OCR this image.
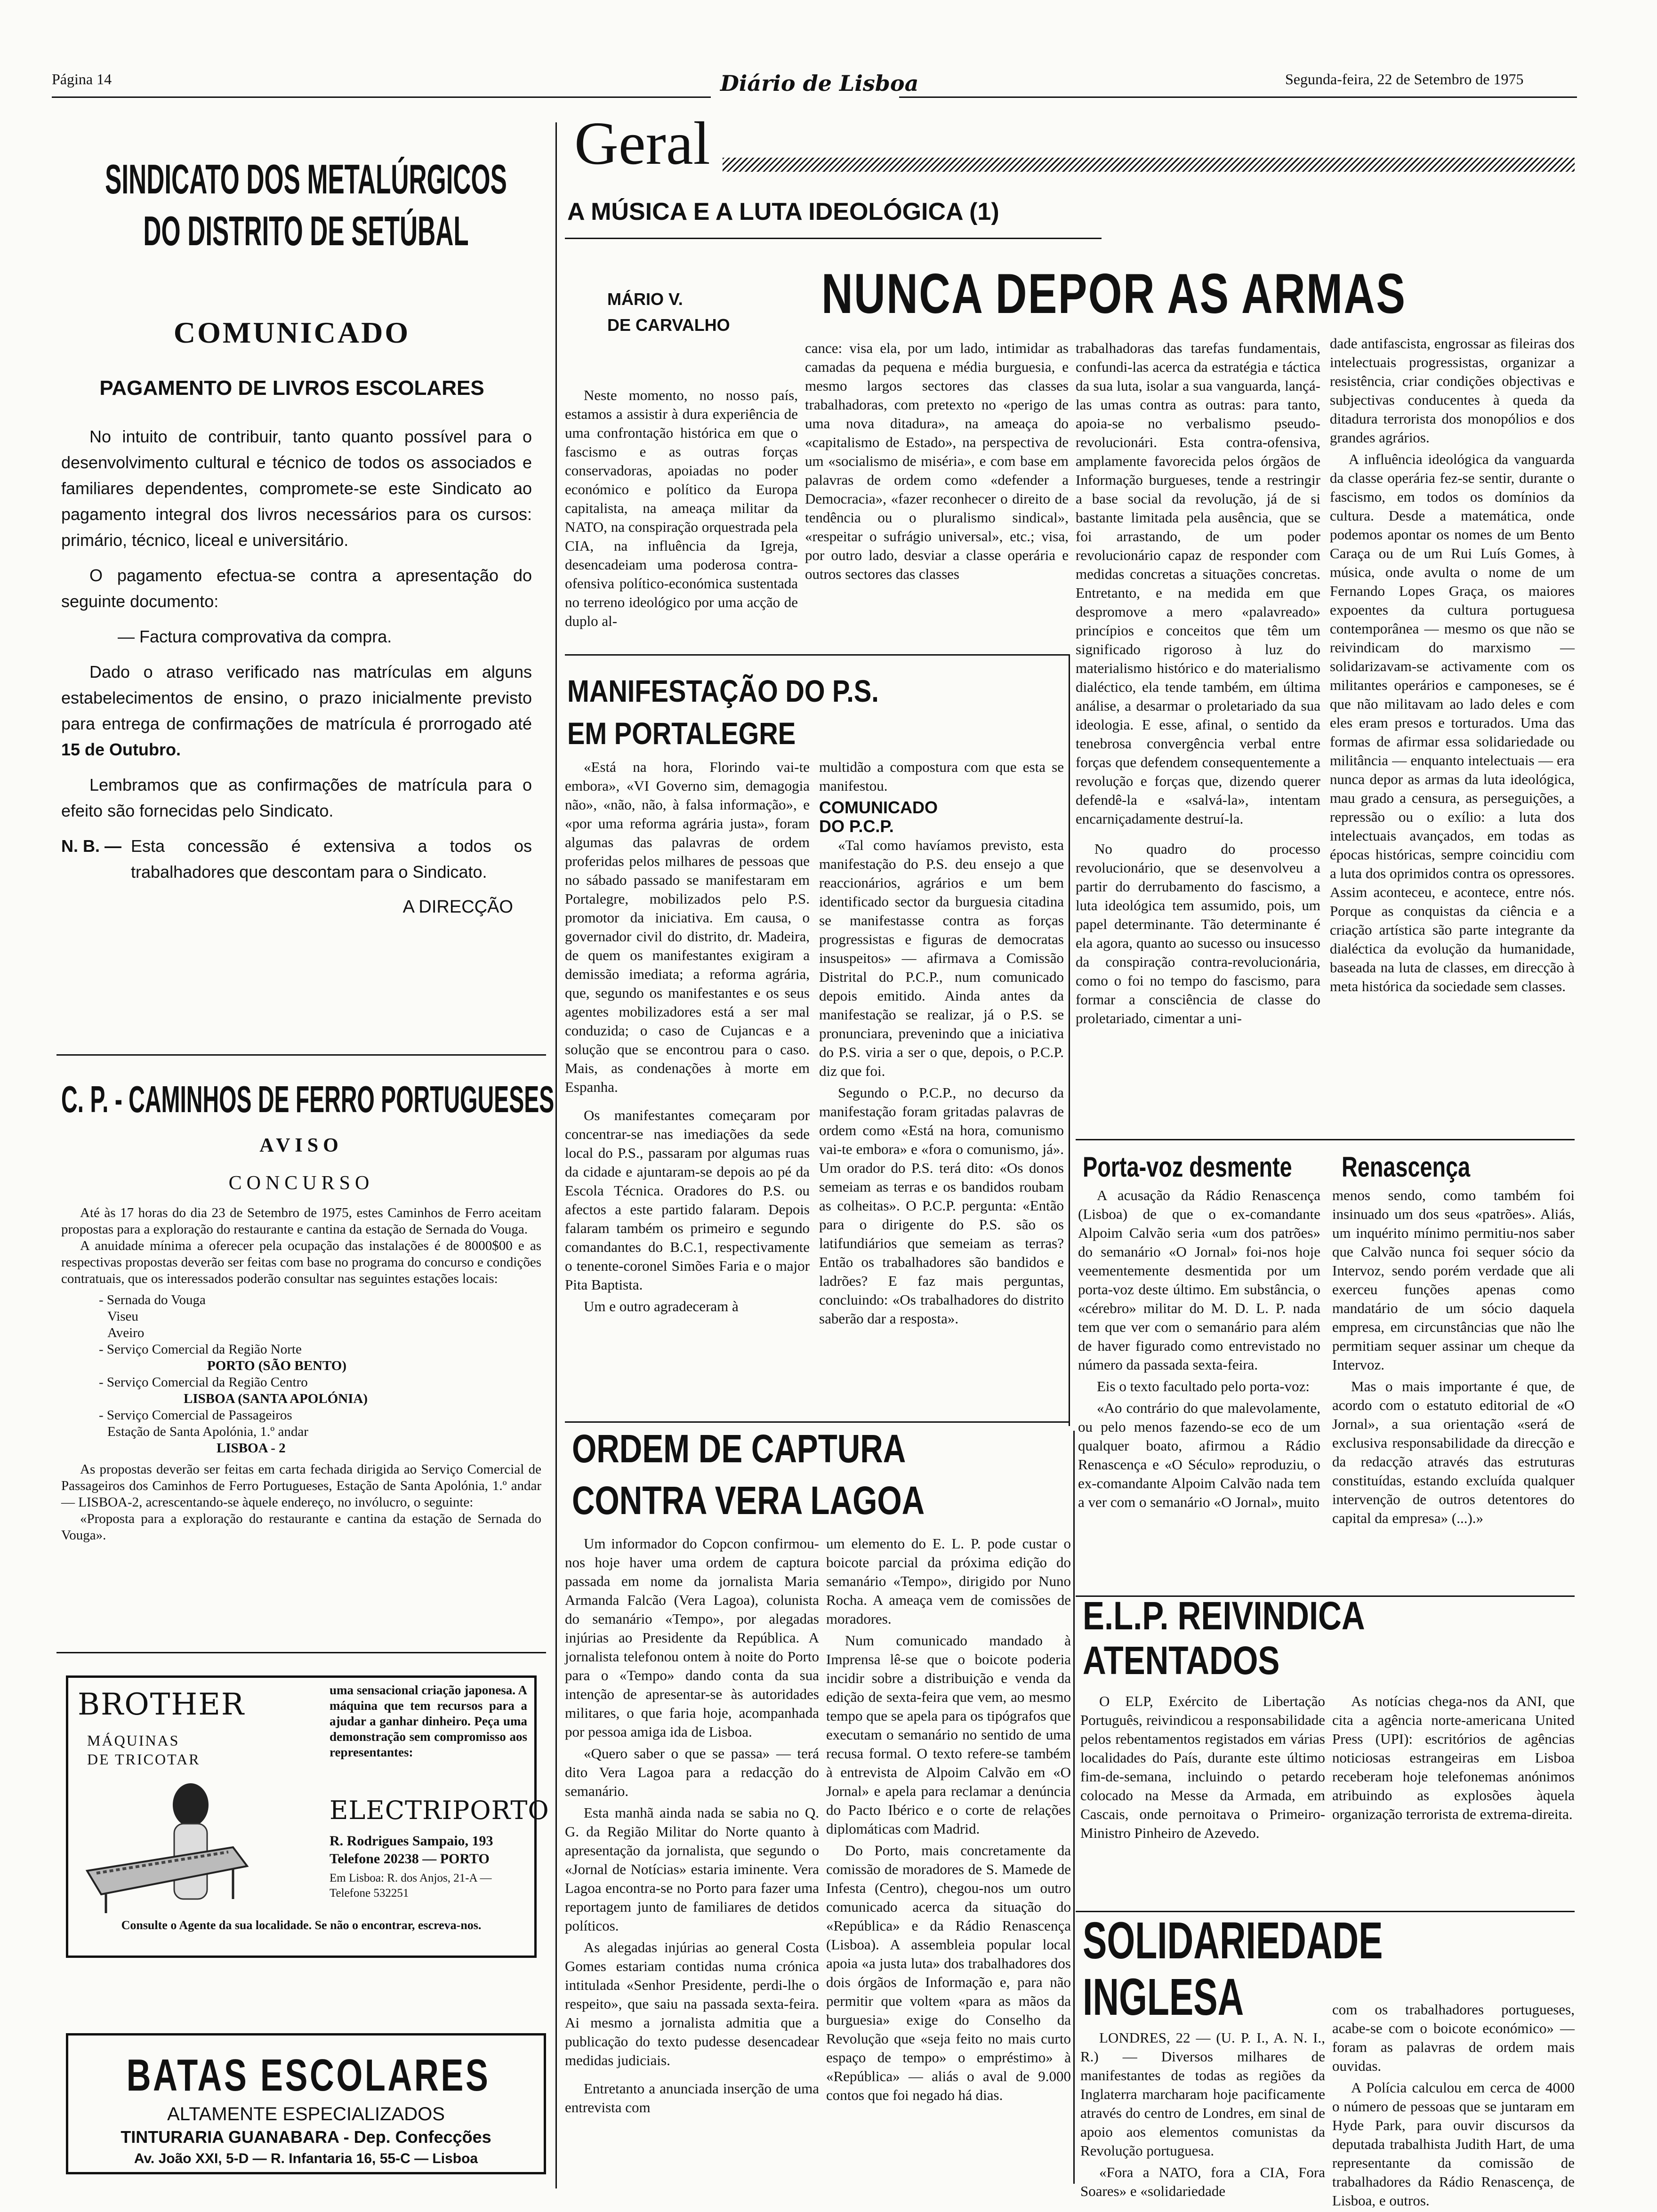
Página 14	Diário de Lisboa	Segunda-feira, 22 de Setembro de 1975
SINDICATO DOS METALÚRGICOS
DO DISTRITO DE SETÚBAL
COMUNICADO
PAGAMENTO DE LIVROS ESCOLARES

No intuito de contribuir, tanto quanto possível para o desenvolvimento cultural e técnico de todos os associados e familiares dependentes, compromete-se este Sindicato ao pagamento integral dos livros necessários para os cursos: primário, técnico, liceal e universitário.

O pagamento efectua-se contra a apresentação do seguinte documento:

— Factura comprovativa da compra.

Dado o atraso verificado nas matrículas em alguns estabelecimentos de ensino, o prazo inicialmente previsto para entrega de confirmações de matrícula é prorrogado até 15 de Outubro.

Lembramos que as confirmações de matrícula para o efeito são fornecidas pelo Sindicato.

N. B. — Esta concessão é extensiva a todos os trabalhadores que descontam para o Sindicato.
A DIRECÇÃO
C. P. - CAMINHOS DE FERRO PORTUGUESES
AVISO
CONCURSO

Até às 17 horas do dia 23 de Setembro de 1975, estes Caminhos de Ferro aceitam propostas para a exploração do restaurante e cantina da estação de Sernada do Vouga.

A anuidade mínima a oferecer pela ocupação das instalações é de 8000$00 e as respectivas propostas deverão ser feitas com base no programa do concurso e condições contratuais, que os interessados poderão consultar nas seguintes estações locais:

- Sernada do Vouga
Viseu
Aveiro
- Serviço Comercial da Região Norte
PORTO (SÃO BENTO)
- Serviço Comercial da Região Centro
LISBOA (SANTA APOLÓNIA)
- Serviço Comercial de Passageiros
Estação de Santa Apolónia, 1.º andar
LISBOA - 2

As propostas deverão ser feitas em carta fechada dirigida ao Serviço Comercial de Passageiros dos Caminhos de Ferro Portugueses, Estação de Santa Apolónia, 1.º andar — LISBOA-2, acrescentando-se àquele endereço, no invólucro, o seguinte:

«Proposta para a exploração do restaurante e cantina da estação de Sernada do Vouga».

BROTHER
MÁQUINAS
DE TRICOTAR
uma sensacional criação japonesa. A máquina que tem recursos para a ajudar a ganhar dinheiro. Peça uma demonstração sem compromisso aos representantes:
ELECTRIPORTO
R. Rodrigues Sampaio, 193
Telefone 20238 — PORTO
Em Lisboa: R. dos Anjos, 21-A — Telefone 532251
Consulte o Agente da sua localidade. Se não o encontrar, escreva-nos.
BATAS ESCOLARES
ALTAMENTE ESPECIALIZADOS
TINTURARIA GUANABARA - Dep. Confecções
Av. João XXI, 5-D — R. Infantaria 16, 55-C — Lisboa
Geral
A MÚSICA E A LUTA IDEOLÓGICA (1)
MÁRIO V.
DE CARVALHO NUNCA DEPOR AS ARMAS

Neste momento, no nosso país, estamos a assistir à dura experiência de uma confrontação histórica em que o fascismo e as outras forças conservadoras, apoiadas no poder económico e político da Europa capitalista, na ameaça militar da NATO, na conspiração orquestrada pela CIA, na influência da Igreja, desencadeiam uma poderosa contra-ofensiva político-económica sustentada no terreno ideológico por uma acção de duplo al-

cance: visa ela, por um lado, intimidar as camadas da pequena e média burguesia, e mesmo largos sectores das classes trabalhadoras, com pretexto no «perigo de uma nova ditadura», na ameaça do «capitalismo de Estado», na perspectiva de um «socialismo de miséria», e com base em palavras de ordem como «defender a Democracia», «fazer reconhecer o direito de tendência ou o pluralismo sindical», «respeitar o sufrágio universal», etc.; visa, por outro lado, desviar a classe operária e outros sectores das classes

trabalhadoras das tarefas fundamentais, confundi-las acerca da estratégia e táctica da sua luta, isolar a sua vanguarda, lançá-las umas contra as outras: para tanto, apoia-se no verbalismo pseudo-revolucionári. Esta contra-ofensiva, amplamente favorecida pelos órgãos de Informação burgueses, tende a restringir a base social da revolução, já de si bastante limitada pela ausência, que se foi arrastando, de um poder revolucionário capaz de responder com medidas concretas a situações concretas. Entretanto, e na medida em que despromove a mero «palavreado» princípios e conceitos que têm um significado rigoroso à luz do materialismo histórico e do materialismo dialéctico, ela tende também, em última análise, a desarmar o proletariado da sua ideologia. E esse, afinal, o sentido da tenebrosa convergência verbal entre forças que defendem consequentemente a revolução e forças que, dizendo querer defendê-la e «salvá-la», intentam encarniçadamente destruí-la.

No quadro do processo revolucionário, que se desenvolveu a partir do derrubamento do fascismo, a luta ideológica tem assumido, pois, um papel determinante. Tão determinante é ela agora, quanto ao sucesso ou insucesso da conspiração contra-revolucionária, como o foi no tempo do fascismo, para formar a consciência de classe do proletariado, cimentar a uni-

dade antifascista, engrossar as fileiras dos intelectuais progressistas, organizar a resistência, criar condições objectivas e subjectivas conducentes à queda da ditadura terrorista dos monopólios e dos grandes agrários.

A influência ideológica da vanguarda da classe operária fez-se sentir, durante o fascismo, em todos os domínios da cultura. Desde a matemática, onde podemos apontar os nomes de um Bento Caraça ou de um Rui Luís Gomes, à música, onde avulta o nome de um Fernando Lopes Graça, os maiores expoentes da cultura portuguesa contemporânea — mesmo os que não se reivindicam do marxismo — solidarizavam-se activamente com os militantes operários e camponeses, se é que não militavam ao lado deles e com eles eram presos e torturados. Uma das formas de afirmar essa solidariedade ou militância — enquanto intelectuais — era nunca depor as armas da luta ideológica, mau grado a censura, as perseguições, a repressão ou o exílio: a luta dos intelectuais avançados, em todas as épocas históricas, sempre coincidiu com a luta dos oprimidos contra os opressores. Assim aconteceu, e acontece, entre nós. Porque as conquistas da ciência e a criação artística são parte integrante da dialéctica da evolução da humanidade, baseada na luta de classes, em direcção à meta histórica da sociedade sem classes.

MANIFESTAÇÃO DO P.S.
EM PORTALEGRE

«Está na hora, Florindo vai-te embora», «VI Governo sim, demagogia não», «não, não, à falsa informação», e «por uma reforma agrária justa», foram algumas das palavras de ordem proferidas pelos milhares de pessoas que no sábado passado se manifestaram em Portalegre, mobilizados pelo P.S. promotor da iniciativa. Em causa, o governador civil do distrito, dr. Madeira, de quem os manifestantes exigiram a demissão imediata; a reforma agrária, que, segundo os manifestantes e os seus agentes mobilizadores está a ser mal conduzida; o caso de Cujancas e a solução que se encontrou para o caso. Mais, as condenações à morte em Espanha.

Os manifestantes começaram por concentrar-se nas imediações da sede local do P.S., passaram por algumas ruas da cidade e ajuntaram-se depois ao pé da Escola Técnica. Oradores do P.S. ou afectos a este partido falaram. Depois falaram também os primeiro e segundo comandantes do B.C.1, respectivamente o tenente-coronel Simões Faria e o major Pita Baptista.

Um e outro agradeceram à

multidão a compostura com que esta se manifestou.

COMUNICADO
DO P.C.P.

«Tal como havíamos previsto, esta manifestação do P.S. deu ensejo a que reaccionários, agrários e um bem identificado sector da burguesia citadina se manifestasse contra as forças progressistas e figuras de democratas insuspeitos» — afirmava a Comissão Distrital do P.C.P., num comunicado depois emitido. Ainda antes da manifestação se realizar, já o P.S. se pronunciara, prevenindo que a iniciativa do P.S. viria a ser o que, depois, o P.C.P. diz que foi.

Segundo o P.C.P., no decurso da manifestação foram gritadas palavras de ordem como «Está na hora, comunismo vai-te embora» e «fora o comunismo, já». Um orador do P.S. terá dito: «Os donos semeiam as terras e os bandidos roubam as colheitas». O P.C.P. pergunta: «Então para o dirigente do P.S. são os latifundiários que semeiam as terras? Então os trabalhadores são bandidos e ladrões? E faz mais perguntas, concluindo: «Os trabalhadores do distrito saberão dar a resposta».

ORDEM DE CAPTURA
CONTRA VERA LAGOA

Um informador do Copcon confirmou-nos hoje haver uma ordem de captura passada em nome da jornalista Maria Armanda Falcão (Vera Lagoa), colunista do semanário «Tempo», por alegadas injúrias ao Presidente da República. A jornalista telefonou ontem à noite do Porto para o «Tempo» dando conta da sua intenção de apresentar-se às autoridades militares, o que faria hoje, acompanhada por pessoa amiga ida de Lisboa.

«Quero saber o que se passa» — terá dito Vera Lagoa para a redacção do semanário.

Esta manhã ainda nada se sabia no Q. G. da Região Militar do Norte quanto à apresentação da jornalista, que segundo o «Jornal de Notícias» estaria iminente. Vera Lagoa encontra-se no Porto para fazer uma reportagem junto de familiares de detidos políticos.

As alegadas injúrias ao general Costa Gomes estariam contidas numa crónica intitulada «Senhor Presidente, perdi-lhe o respeito», que saiu na passada sexta-feira. Ai mesmo a jornalista admitia que a publicação do texto pudesse desencadear medidas judiciais.

Entretanto a anunciada inserção de uma entrevista com

um elemento do E. L. P. pode custar o boicote parcial da próxima edição do semanário «Tempo», dirigido por Nuno Rocha. A ameaça vem de comissões de moradores.

Num comunicado mandado à Imprensa lê-se que o boicote poderia incidir sobre a distribuição e venda da edição de sexta-feira que vem, ao mesmo tempo que se apela para os tipógrafos que executam o semanário no sentido de uma recusa formal. O texto refere-se também à entrevista de Alpoim Calvão em «O Jornal» e apela para reclamar a denúncia do Pacto Ibérico e o corte de relações diplomáticas com Madrid.

Do Porto, mais concretamente da comissão de moradores de S. Mamede de Infesta (Centro), chegou-nos um outro comunicado acerca da situação do «República» e da Rádio Renascença (Lisboa). A assembleia popular local apoia «a justa luta» dos trabalhadores dos dois órgãos de Informação e, para não permitir que voltem «para as mãos da burguesia» exige do Conselho da Revolução que «seja feito no mais curto espaço de tempo» o empréstimo» à «República» — aliás o aval de 9.000 contos que foi negado há dias.

Porta-voz desmente Renascença

A acusação da Rádio Renascença (Lisboa) de que o ex-comandante Alpoim Calvão seria «um dos patrões» do semanário «O Jornal» foi-nos hoje veementemente desmentida por um porta-voz deste último. Em substância, o «cérebro» militar do M. D. L. P. nada tem que ver com o semanário para além de haver figurado como entrevistado no número da passada sexta-feira.

Eis o texto facultado pelo porta-voz:

«Ao contrário do que malevolamente, ou pelo menos fazendo-se eco de um qualquer boato, afirmou a Rádio Renascença e «O Século» reproduziu, o ex-comandante Alpoim Calvão nada tem a ver com o semanário «O Jornal», muito

menos sendo, como também foi insinuado um dos seus «patrões». Aliás, um inquérito mínimo permitiu-nos saber que Calvão nunca foi sequer sócio da Intervoz, sendo porém verdade que ali exerceu funções apenas como mandatário de um sócio daquela empresa, em circunstâncias que não lhe permitiam sequer assinar um cheque da Intervoz.

Mas o mais importante é que, de acordo com o estatuto editorial de «O Jornal», a sua orientação «será de exclusiva responsabilidade da direcção e da redacção através das estruturas constituídas, estando excluída qualquer intervenção de outros detentores do capital da empresa» (...).»

E.L.P. REIVINDICA
ATENTADOS

O ELP, Exército de Libertação Português, reivindicou a responsabilidade pelos rebentamentos registados em várias localidades do País, durante este último fim-de-semana, incluindo o petardo colocado na Messe da Armada, em Cascais, onde pernoitava o Primeiro-Ministro Pinheiro de Azevedo.

As notícias chega-nos da ANI, que cita a agência norte-americana United Press (UPI): escritórios de agências noticiosas estrangeiras em Lisboa receberam hoje telefonemas anónimos atribuindo as explosões àquela organização terrorista de extrema-direita.

SOLIDARIEDADE
INGLESA

LONDRES, 22 — (U. P. I., A. N. I., R.) — Diversos milhares de manifestantes de todas as regiões da Inglaterra marcharam hoje pacificamente através do centro de Londres, em sinal de apoio aos elementos comunistas da Revolução portuguesa.

«Fora a NATO, fora a CIA, Fora Soares» e «solidariedade

com os trabalhadores portugueses, acabe-se com o boicote económico» — foram as palavras de ordem mais ouvidas.

A Polícia calculou em cerca de 4000 o número de pessoas que se juntaram em Hyde Park, para ouvir discursos da deputada trabalhista Judith Hart, de uma representante da comissão de trabalhadores da Rádio Renascença, de Lisboa, e outros.
